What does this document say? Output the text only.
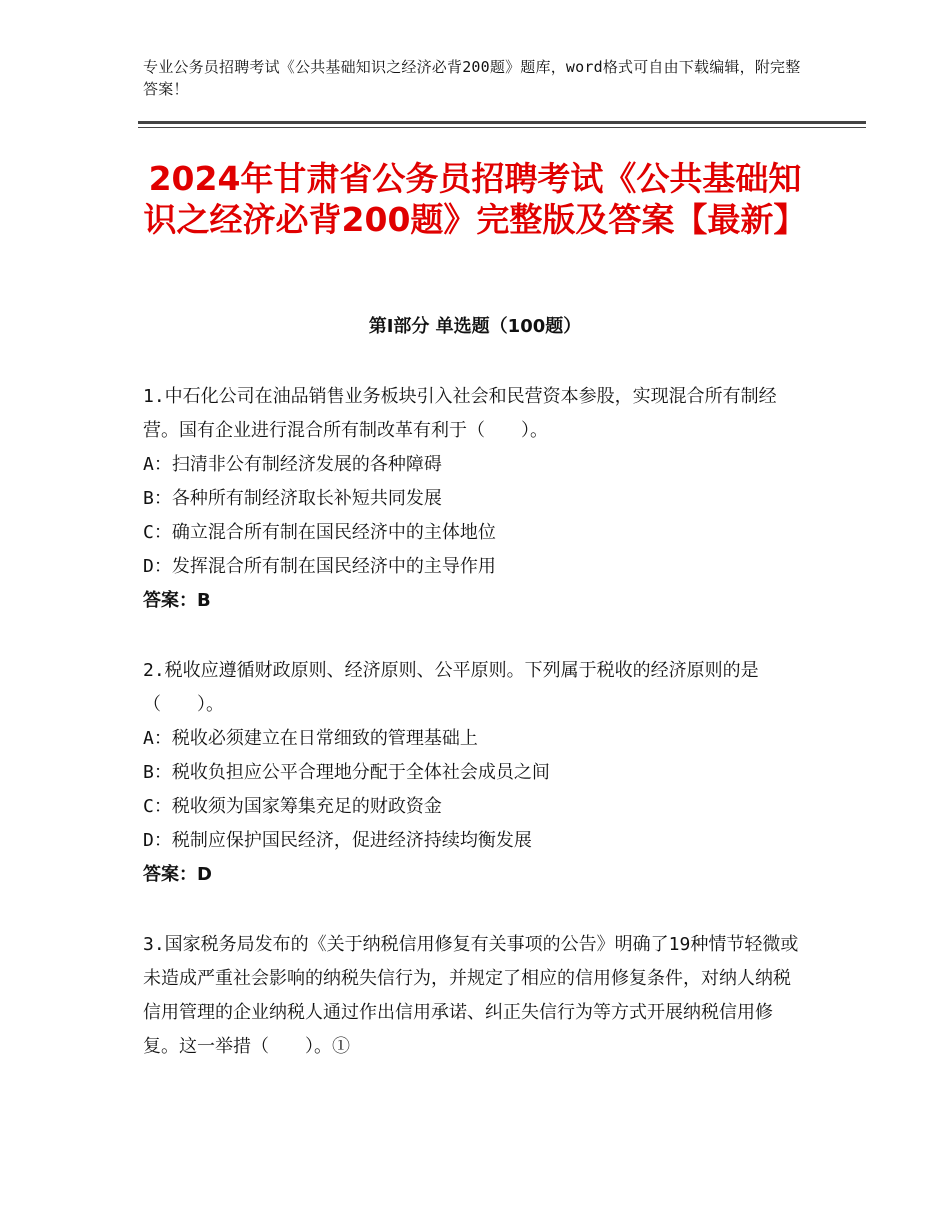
专业公务员招聘考试《公共基础知识之经济必背200题》题库，word格式可自由下载编辑，附完整答案！
2024年甘肃省公务员招聘考试《公共基础知识之经济必背200题》完整版及答案【最新】
第Ⅰ部分 单选题（100题）

1.中石化公司在油品销售业务板块引入社会和民营资本参股，实现混合所有制经营。国有企业进行混合所有制改革有利于（　　）。

A：扫清非公有制经济发展的各种障碍

B：各种所有制经济取长补短共同发展

C：确立混合所有制在国民经济中的主体地位

D：发挥混合所有制在国民经济中的主导作用

答案：B

2.税收应遵循财政原则、经济原则、公平原则。下列属于税收的经济原则的是（　　）。

A：税收必须建立在日常细致的管理基础上

B：税收负担应公平合理地分配于全体社会成员之间

C：税收须为国家筹集充足的财政资金

D：税制应保护国民经济，促进经济持续均衡发展

答案：D

3.国家税务局发布的《关于纳税信用修复有关事项的公告》明确了19种情节轻微或未造成严重社会影响的纳税失信行为，并规定了相应的信用修复条件，对纳人纳税信用管理的企业纳税人通过作出信用承诺、纠正失信行为等方式开展纳税信用修复。这一举措（　　）。①
